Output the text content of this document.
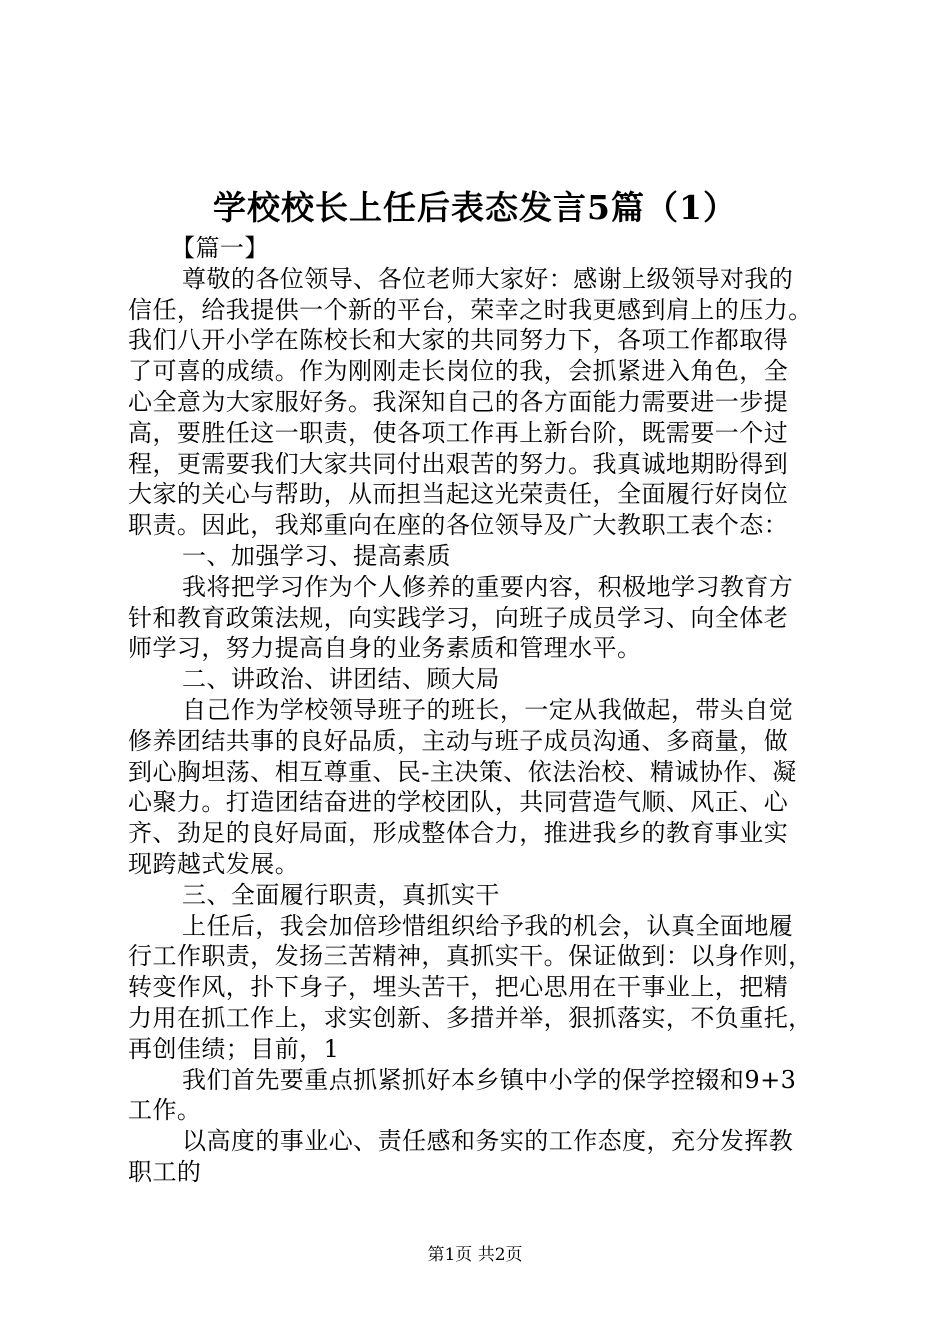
学校校长上任后表态发言5篇（1）
【篇一】
尊敬的各位领导、各位老师大家好：感谢上级领导对我的
信任，给我提供一个新的平台，荣幸之时我更感到肩上的压力。
我们八开小学在陈校长和大家的共同努力下，各项工作都取得
了可喜的成绩。作为刚刚走长岗位的我，会抓紧进入角色，全
心全意为大家服好务。我深知自己的各方面能力需要进一步提
高，要胜任这一职责，使各项工作再上新台阶，既需要一个过
程，更需要我们大家共同付出艰苦的努力。我真诚地期盼得到
大家的关心与帮助，从而担当起这光荣责任，全面履行好岗位
职责。因此，我郑重向在座的各位领导及广大教职工表个态：
一、加强学习、提高素质
我将把学习作为个人修养的重要内容，积极地学习教育方
针和教育政策法规，向实践学习，向班子成员学习、向全体老
师学习，努力提高自身的业务素质和管理水平。
二、讲政治、讲团结、顾大局
自己作为学校领导班子的班长，一定从我做起，带头自觉
修养团结共事的良好品质，主动与班子成员沟通、多商量，做
到心胸坦荡、相互尊重、民-主决策、依法治校、精诚协作、凝
心聚力。打造团结奋进的学校团队，共同营造气顺、风正、心
齐、劲足的良好局面，形成整体合力，推进我乡的教育事业实
现跨越式发展。
三、全面履行职责，真抓实干
上任后，我会加倍珍惜组织给予我的机会，认真全面地履
行工作职责，发扬三苦精神，真抓实干。保证做到：以身作则，
转变作风，扑下身子，埋头苦干，把心思用在干事业上，把精
力用在抓工作上，求实创新、多措并举，狠抓落实，不负重托，
再创佳绩；目前，1
我们首先要重点抓紧抓好本乡镇中小学的保学控辍和9+3
工作。
以高度的事业心、责任感和务实的工作态度，充分发挥教
职工的
第1页 共2页
